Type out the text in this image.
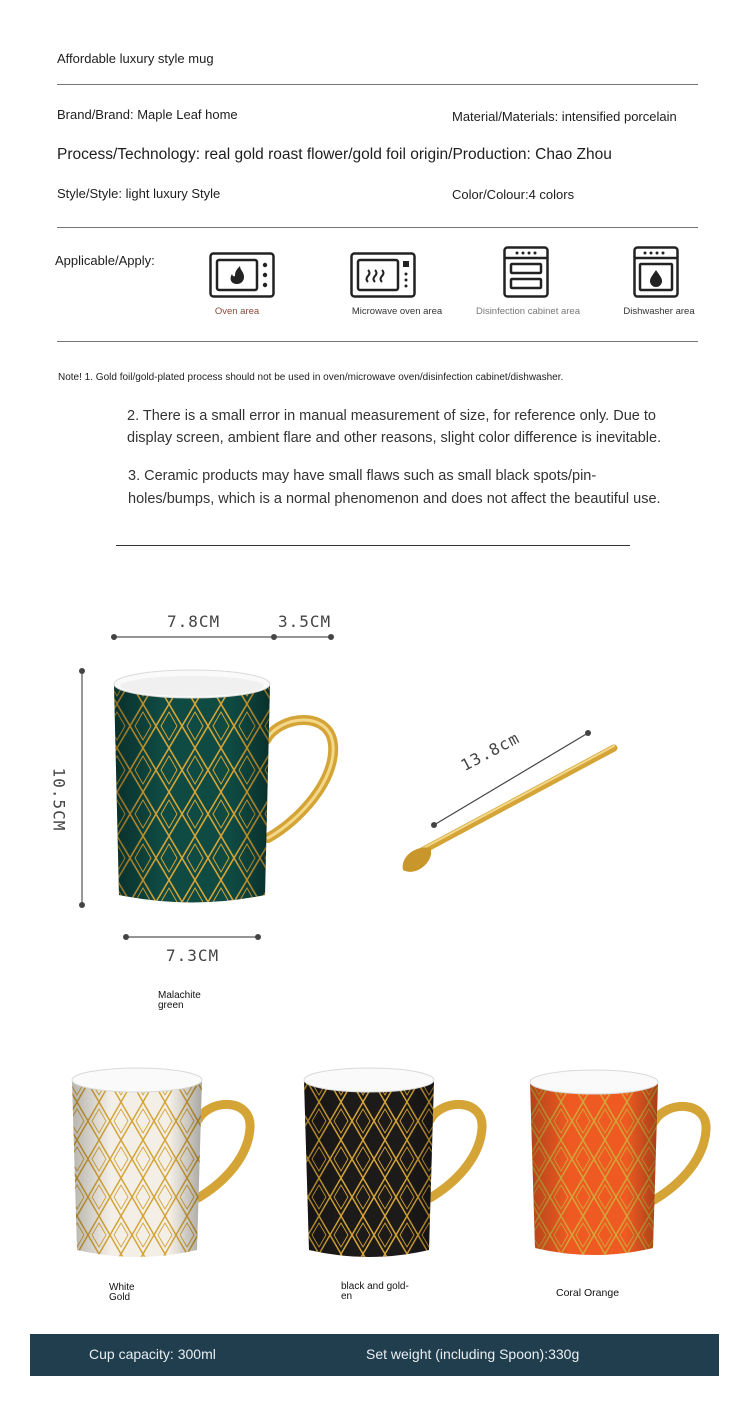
Affordable luxury style mug
Brand/Brand: Maple Leaf home	Material/Materials: intensified porcelain
Process/Technology: real gold roast flower/gold foil origin/Production: Chao Zhou
Style/Style: light luxury Style	Color/Colour:4 colors
Applicable/Apply:
Oven area	Microwave oven area	Disinfection cabinet area	Dishwasher area
Note! 1. Gold foil/gold-plated process should not be used in oven/microwave oven/disinfection cabinet/dishwasher.
2. There is a small error in manual measurement of size, for reference only. Due to
display screen, ambient flare and other reasons, slight color difference is inevitable.
3. Ceramic products may have small flaws such as small black spots/pin-
holes/bumps, which is a normal phenomenon and does not affect the beautiful use.
7.8CM	3.5CM
10.5CM
7.3CM
13.8cm
Malachite
green
White
Gold
black and gold-
en	Coral Orange
Cup capacity: 300ml	Set weight (including Spoon):330g
